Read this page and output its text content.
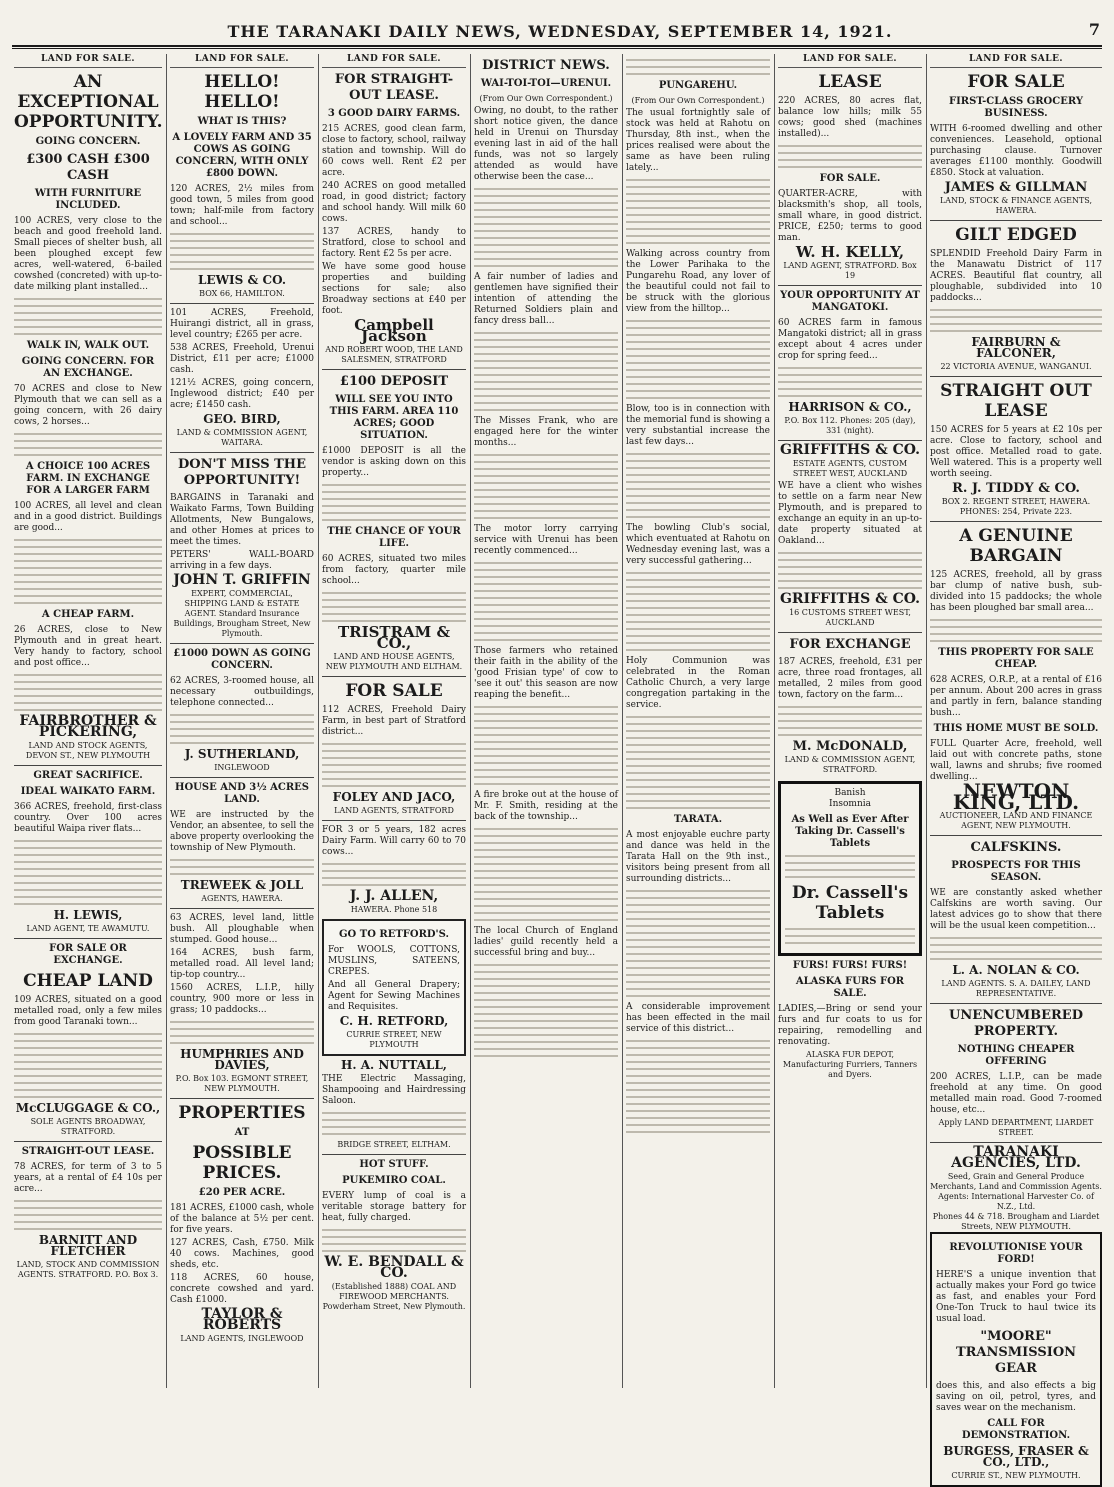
THE TARANAKI DAILY NEWS, WEDNESDAY, SEPTEMBER 14, 1921.	7
LAND FOR SALE.
AN EXCEPTIONAL OPPORTUNITY.
GOING CONCERN.
£300 CASH £300 CASH
WITH FURNITURE INCLUDED.
100 ACRES, very close to the beach and good freehold land. Small pieces of shelter bush, all been ploughed except few acres, well-watered, 6-bailed cowshed (concreted) with up-to-date milking plant installed...
WALK IN, WALK OUT.
GOING CONCERN. FOR AN EXCHANGE.
70 ACRES and close to New Plymouth that we can sell as a going concern, with 26 dairy cows, 2 horses...
A CHOICE 100 ACRES FARM. IN EXCHANGE FOR A LARGER FARM
100 ACRES, all level and clean and in a good district. Buildings are good...
A CHEAP FARM.
26 ACRES, close to New Plymouth and in great heart. Very handy to factory, school and post office...
FAIRBROTHER & PICKERING,
LAND AND STOCK AGENTS, DEVON ST., NEW PLYMOUTH
GREAT SACRIFICE.
IDEAL WAIKATO FARM.
366 ACRES, freehold, first-class country. Over 100 acres beautiful Waipa river flats...
H. LEWIS,
LAND AGENT, TE AWAMUTU.
FOR SALE OR EXCHANGE.
CHEAP LAND
109 ACRES, situated on a good metalled road, only a few miles from good Taranaki town...
McCLUGGAGE & CO.,
SOLE AGENTS BROADWAY, STRATFORD.
STRAIGHT-OUT LEASE.
78 ACRES, for term of 3 to 5 years, at a rental of £4 10s per acre...
BARNITT AND FLETCHER
LAND, STOCK AND COMMISSION AGENTS. STRATFORD. P.O. Box 3.
LAND FOR SALE.
HELLO! HELLO!
WHAT IS THIS?
A LOVELY FARM AND 35 COWS AS GOING CONCERN, WITH ONLY £800 DOWN.
120 ACRES, 2½ miles from good town, 5 miles from good town; half-mile from factory and school...
LEWIS & CO.
BOX 66, HAMILTON.
101 ACRES, Freehold, Huirangi district, all in grass, level country; £265 per acre.
538 ACRES, Freehold, Urenui District, £11 per acre; £1000 cash.
121½ ACRES, going concern, Inglewood district; £40 per acre; £1450 cash.
GEO. BIRD,
LAND & COMMISSION AGENT, WAITARA.
DON'T MISS THE OPPORTUNITY!
BARGAINS in Taranaki and Waikato Farms, Town Building Allotments, New Bungalows, and other Homes at prices to meet the times.
PETERS' WALL-BOARD arriving in a few days.
JOHN T. GRIFFIN
EXPERT, COMMERCIAL, SHIPPING LAND & ESTATE AGENT. Standard Insurance Buildings, Brougham Street, New Plymouth.
£1000 DOWN AS GOING CONCERN.
62 ACRES, 3-roomed house, all necessary outbuildings, telephone connected...
J. SUTHERLAND,
INGLEWOOD
HOUSE AND 3½ ACRES LAND.
WE are instructed by the Vendor, an absentee, to sell the above property overlooking the township of New Plymouth.
TREWEEK & JOLL
AGENTS, HAWERA.
63 ACRES, level land, little bush. All ploughable when stumped. Good house...
164 ACRES, bush farm, metalled road. All level land; tip-top country...
1560 ACRES, L.I.P., hilly country, 900 more or less in grass; 10 paddocks...
HUMPHRIES AND DAVIES,
P.O. Box 103. EGMONT STREET, NEW PLYMOUTH.
PROPERTIES
AT
POSSIBLE PRICES.
£20 PER ACRE.
181 ACRES, £1000 cash, whole of the balance at 5½ per cent. for five years.
127 ACRES, Cash, £750. Milk 40 cows. Machines, good sheds, etc.
118 ACRES, 60 house, concrete cowshed and yard. Cash £1000.
TAYLOR & ROBERTS
LAND AGENTS, INGLEWOOD
LAND FOR SALE.
FOR STRAIGHT-OUT LEASE.
3 GOOD DAIRY FARMS.
215 ACRES, good clean farm, close to factory, school, railway station and township. Will do 60 cows well. Rent £2 per acre.
240 ACRES on good metalled road, in good district; factory and school handy. Will milk 60 cows.
137 ACRES, handy to Stratford, close to school and factory. Rent £2 5s per acre.
We have some good house properties and building sections for sale; also Broadway sections at £40 per foot.
Campbell Jackson
AND ROBERT WOOD, THE LAND SALESMEN, STRATFORD
£100 DEPOSIT
WILL SEE YOU INTO THIS FARM. AREA 110 ACRES; GOOD SITUATION.
£1000 DEPOSIT is all the vendor is asking down on this property...
THE CHANCE OF YOUR LIFE.
60 ACRES, situated two miles from factory, quarter mile school...
TRISTRAM & CO.,
LAND AND HOUSE AGENTS, NEW PLYMOUTH AND ELTHAM.
FOR SALE
112 ACRES, Freehold Dairy Farm, in best part of Stratford district...
FOLEY AND JACO,
LAND AGENTS, STRATFORD
FOR 3 or 5 years, 182 acres Dairy Farm. Will carry 60 to 70 cows...
J. J. ALLEN,
HAWERA. Phone 518
GO TO RETFORD'S.
For WOOLS, COTTONS, MUSLINS, SATEENS, CREPES.
And all General Drapery; Agent for Sewing Machines and Requisites.
C. H. RETFORD,
CURRIE STREET, NEW PLYMOUTH
H. A. NUTTALL,
THE Electric Massaging, Shampooing and Hairdressing Saloon.
BRIDGE STREET, ELTHAM.
HOT STUFF.
PUKEMIRO COAL.
EVERY lump of coal is a veritable storage battery for heat, fully charged.
W. E. BENDALL & CO.
(Established 1888) COAL AND FIREWOOD MERCHANTS. Powderham Street, New Plymouth.
DISTRICT NEWS.
WAI-TOI-TOI—URENUI.
(From Our Own Correspondent.)
Owing, no doubt, to the rather short notice given, the dance held in Urenui on Thursday evening last in aid of the hall funds, was not so largely attended as would have otherwise been the case...
A fair number of ladies and gentlemen have signified their intention of attending the Returned Soldiers plain and fancy dress ball...
The Misses Frank, who are engaged here for the winter months...
The motor lorry carrying service with Urenui has been recently commenced...
Those farmers who retained their faith in the ability of the 'good Frisian type' of cow to 'see it out' this season are now reaping the benefit...
A fire broke out at the house of Mr. F. Smith, residing at the back of the township...
The local Church of England ladies' guild recently held a successful bring and buy...
PUNGAREHU.
(From Our Own Correspondent.)
The usual fortnightly sale of stock was held at Rahotu on Thursday, 8th inst., when the prices realised were about the same as have been ruling lately...
Walking across country from the Lower Parihaka to the Pungarehu Road, any lover of the beautiful could not fail to be struck with the glorious view from the hilltop...
Blow, too is in connection with the memorial fund is showing a very substantial increase the last few days...
The bowling Club's social, which eventuated at Rahotu on Wednesday evening last, was a very successful gathering...
Holy Communion was celebrated in the Roman Catholic Church, a very large congregation partaking in the service.
TARATA.
A most enjoyable euchre party and dance was held in the Tarata Hall on the 9th inst., visitors being present from all surrounding districts...
A considerable improvement has been effected in the mail service of this district...
LAND FOR SALE.
LEASE
220 ACRES, 80 acres flat, balance low hills; milk 55 cows; good shed (machines installed)...
FOR SALE.
QUARTER-ACRE, with blacksmith's shop, all tools, small whare, in good district. PRICE, £250; terms to good man.
W. H. KELLY,
LAND AGENT, STRATFORD. Box 19
YOUR OPPORTUNITY AT MANGATOKI.
60 ACRES farm in famous Mangatoki district; all in grass except about 4 acres under crop for spring feed...
HARRISON & CO.,
P.O. Box 112. Phones: 205 (day), 331 (night).
GRIFFITHS & CO.
ESTATE AGENTS, CUSTOM STREET WEST, AUCKLAND
WE have a client who wishes to settle on a farm near New Plymouth, and is prepared to exchange an equity in an up-to-date property situated at Oakland...
GRIFFITHS & CO.
16 CUSTOMS STREET WEST, AUCKLAND
FOR EXCHANGE
187 ACRES, freehold, £31 per acre, three road frontages, all metalled, 2 miles from good town, factory on the farm...
M. McDONALD,
LAND & COMMISSION AGENT, STRATFORD.
Banish
Insomnia
As Well as Ever After Taking Dr. Cassell's Tablets
Dr. Cassell's Tablets
FURS! FURS! FURS!
ALASKA FURS FOR SALE.
LADIES,—Bring or send your furs and fur coats to us for repairing, remodelling and renovating.
ALASKA FUR DEPOT, Manufacturing Furriers, Tanners and Dyers.
LAND FOR SALE.
FOR SALE
FIRST-CLASS GROCERY BUSINESS.
WITH 6-roomed dwelling and other conveniences. Leasehold, optional purchasing clause. Turnover averages £1100 monthly. Goodwill £850. Stock at valuation.
JAMES & GILLMAN
LAND, STOCK & FINANCE AGENTS, HAWERA.
GILT EDGED
SPLENDID Freehold Dairy Farm in the Manawatu District of 117 ACRES. Beautiful flat country, all ploughable, subdivided into 10 paddocks...
FAIRBURN & FALCONER,
22 VICTORIA AVENUE, WANGANUI.
STRAIGHT OUT LEASE
150 ACRES for 5 years at £2 10s per acre. Close to factory, school and post office. Metalled road to gate. Well watered. This is a property well worth seeing.
R. J. TIDDY & CO.
BOX 2. REGENT STREET, HAWERA. PHONES: 254, Private 223.
A GENUINE BARGAIN
125 ACRES, freehold, all by grass bar clump of native bush, sub-divided into 15 paddocks; the whole has been ploughed bar small area...
THIS PROPERTY FOR SALE CHEAP.
628 ACRES, O.R.P., at a rental of £16 per annum. About 200 acres in grass and partly in fern, balance standing bush...
THIS HOME MUST BE SOLD.
FULL Quarter Acre, freehold, well laid out with concrete paths, stone wall, lawns and shrubs; five roomed dwelling...
NEWTON KING, LTD.
AUCTIONEER, LAND AND FINANCE AGENT, NEW PLYMOUTH.
CALFSKINS.
PROSPECTS FOR THIS SEASON.
WE are constantly asked whether Calfskins are worth saving. Our latest advices go to show that there will be the usual keen competition...
L. A. NOLAN & CO.
LAND AGENTS. S. A. DAILEY, LAND REPRESENTATIVE.
UNENCUMBERED PROPERTY.
NOTHING CHEAPER OFFERING
200 ACRES, L.I.P., can be made freehold at any time. On good metalled main road. Good 7-roomed house, etc...
Apply LAND DEPARTMENT, LIARDET STREET.
TARANAKI AGENCIES, LTD.
Seed, Grain and General Produce Merchants, Land and Commission Agents. Agents: International Harvester Co. of N.Z., Ltd.
Phones 44 & 718. Brougham and Liardet Streets, NEW PLYMOUTH.
REVOLUTIONISE YOUR FORD!
HERE'S a unique invention that actually makes your Ford go twice as fast, and enables your Ford One-Ton Truck to haul twice its usual load.
"MOORE" TRANSMISSION GEAR
does this, and also effects a big saving on oil, petrol, tyres, and saves wear on the mechanism.
CALL FOR DEMONSTRATION.
BURGESS, FRASER & CO., LTD.,
CURRIE ST., NEW PLYMOUTH.
